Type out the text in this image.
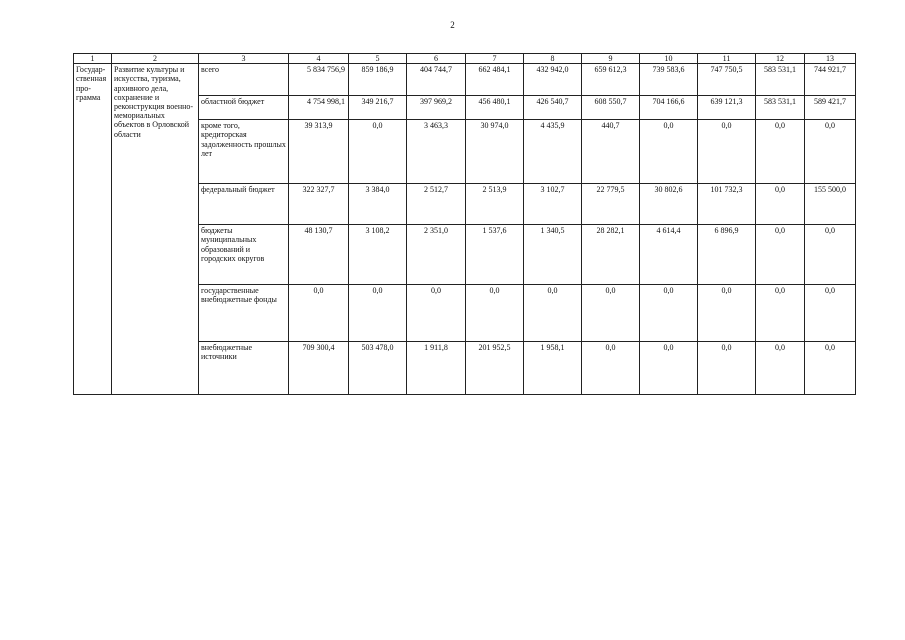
2
1	2	3	4	5	6	7	8	9	10	11	12	13
Государ-ственная про-грамма	Развитие культуры и искусства, туризма, архивного дела, сохранение и реконструкция военно-мемориальных объектов в Орловской области	всего	5 834 756,9	859 186,9	404 744,7	662 484,1	432 942,0	659 612,3	739 583,6	747 750,5	583 531,1	744 921,7
		областной бюджет	4 754 998,1	349 216,7	397 969,2	456 480,1	426 540,7	608 550,7	704 166,6	639 121,3	583 531,1	589 421,7
		кроме того, кредиторская задолженность прошлых лет	39 313,9	0,0	3 463,3	30 974,0	4 435,9	440,7	0,0	0,0	0,0	0,0
		федеральный бюджет	322 327,7	3 384,0	2 512,7	2 513,9	3 102,7	22 779,5	30 802,6	101 732,3	0,0	155 500,0
		бюджеты муниципальных образований и городских округов	48 130,7	3 108,2	2 351,0	1 537,6	1 340,5	28 282,1	4 614,4	6 896,9	0,0	0,0
		государственные внебюджетные фонды	0,0	0,0	0,0	0,0	0,0	0,0	0,0	0,0	0,0	0,0
		внебюджетные источники	709 300,4	503 478,0	1 911,8	201 952,5	1 958,1	0,0	0,0	0,0	0,0	0,0
